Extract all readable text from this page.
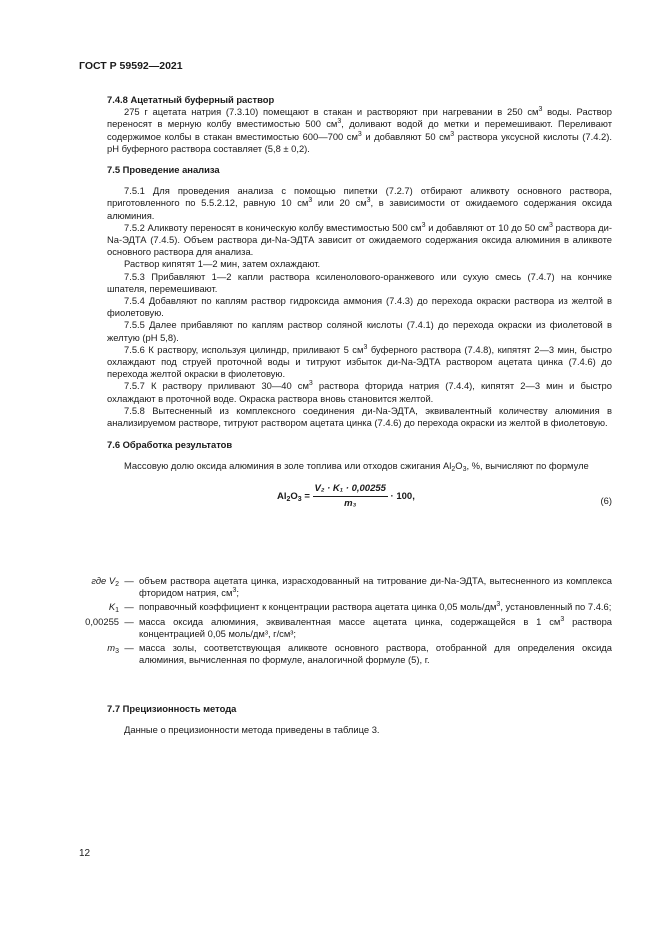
ГОСТ Р 59592—2021

7.4.8 Ацетатный буферный раствор

275 г ацетата натрия (7.3.10) помещают в стакан и растворяют при нагревании в 250 $см^3$ воды. Раствор переносят в мерную колбу вместимостью 500 $см^3$, доливают водой до метки и перемешивают. Переливают содержимое колбы в стакан вместимостью 600—700 $см^3$ и добавляют 50 $см^3$ раствора уксусной кислоты (7.4.2). pH буферного раствора составляет (5,8 ± 0,2).

7.5 Проведение анализа

7.5.1 Для проведения анализа с помощью пипетки (7.2.7) отбирают аликвоту основного раствора, приготовленного по 5.5.2.12, равную 10 $см^3$ или 20 $см^3$, в зависимости от ожидаемого содержания оксида алюминия.

7.5.2 Аликвоту переносят в коническую колбу вместимостью 500 $см^3$ и добавляют от 10 до 50 $см^3$ раствора ди-Na-ЭДТА (7.4.5). Объем раствора ди-Na-ЭДТА зависит от ожидаемого содержания оксида алюминия в аликвоте основного раствора для анализа.

Раствор кипятят 1—2 мин, затем охлаждают.

7.5.3 Прибавляют 1—2 капли раствора ксиленолового-оранжевого или сухую смесь (7.4.7) на кончике шпателя, перемешивают.

7.5.4 Добавляют по каплям раствор гидроксида аммония (7.4.3) до перехода окраски раствора из желтой в фиолетовую.

7.5.5 Далее прибавляют по каплям раствор соляной кислоты (7.4.1) до перехода окраски из фиолетовой в желтую (pH 5,8).

7.5.6 К раствору, используя цилиндр, приливают 5 $см^3$ буферного раствора (7.4.8), кипятят 2—3 мин, быстро охлаждают под струей проточной воды и титруют избыток ди-Na-ЭДТА раствором ацетата цинка (7.4.6) до перехода желтой окраски в фиолетовую.

7.5.7 К раствору приливают 30—40 $см^3$ раствора фторида натрия (7.4.4), кипятят 2—3 мин и быстро охлаждают в проточной воде. Окраска раствора вновь становится желтой.

7.5.8 Вытесненный из комплексного соединения ди-Na-ЭДТА, эквивалентный количеству алюминия в анализируемом растворе, титруют раствором ацетата цинка (7.4.6) до перехода окраски из желтой в фиолетовую.

7.6 Обработка результатов

Массовую долю оксида алюминия в золе топлива или отходов сжигания $Al_2O_3$, %, вычисляют по формуле

$Al_2O_3 = \frac{\text{V₂ · K₁ · 0,00255}}{\text{m₃}} \cdot 100$,	(6)
где $V_2$ — объем раствора ацетата цинка, израсходованный на титрование ди-Na-ЭДТА, вытесненного из комплекса фторидом натрия, $см^3$;
$K_1$ — поправочный коэффициент к концентрации раствора ацетата цинка 0,05 моль/$дм^3$, установленный по 7.4.6;
0,00255 — масса оксида алюминия, эквивалентная массе ацетата цинка, содержащейся в 1 $см^3$ раствора концентрацией 0,05 моль/дм³, г/см³;
$m_3$ — масса золы, соответствующая аликвоте основного раствора, отобранной для определения оксида алюминия, вычисленная по формуле, аналогичной формуле (5), г.

7.7 Прецизионность метода

Данные о прецизионности метода приведены в таблице 3.

12
